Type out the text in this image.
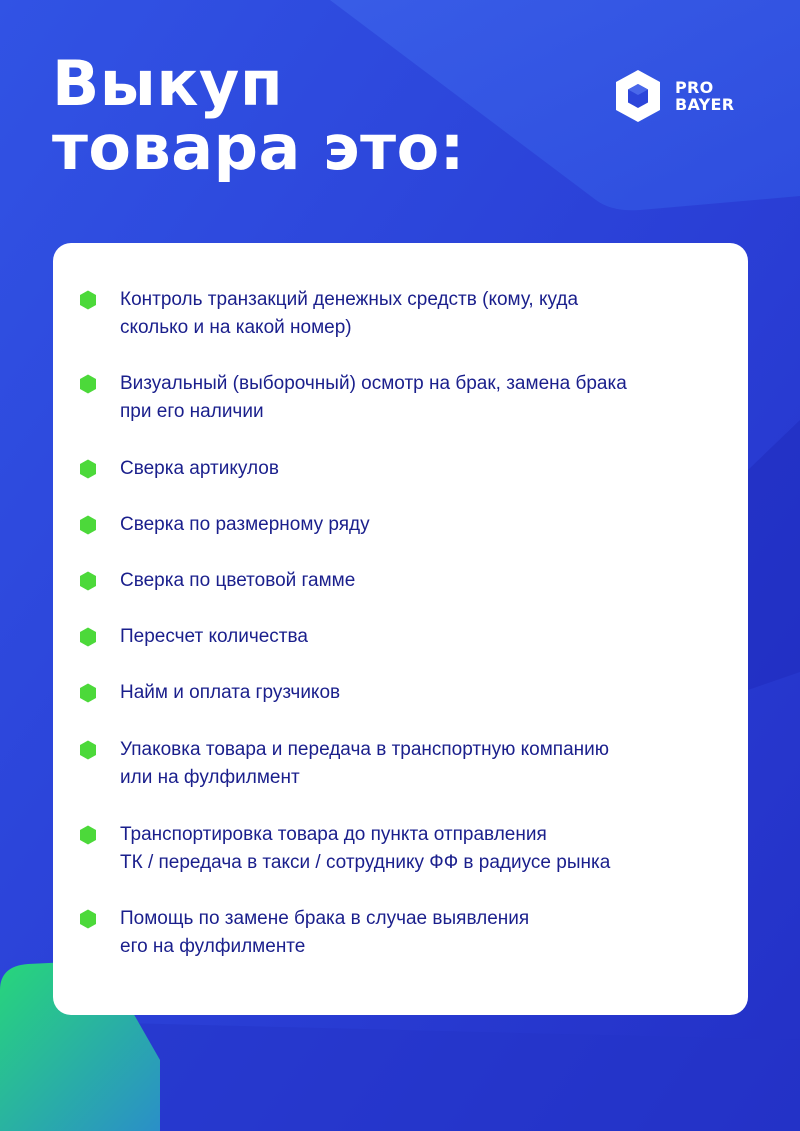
Выкуп
товара это:
PRO
BAYER
Контроль транзакций денежных средств (кому, куда
сколько и на какой номер)
Визуальный (выборочный) осмотр на брак, замена брака
при его наличии
Сверка артикулов
Сверка по размерному ряду
Сверка по цветовой гамме
Пересчет количества
Найм и оплата грузчиков
Упаковка товара и передача в транспортную компанию
или на фулфилмент
Транспортировка товара до пункта отправления
ТК / передача в такси / сотруднику ФФ в радиусе рынка
Помощь по замене брака в случае выявления
его на фулфилменте
